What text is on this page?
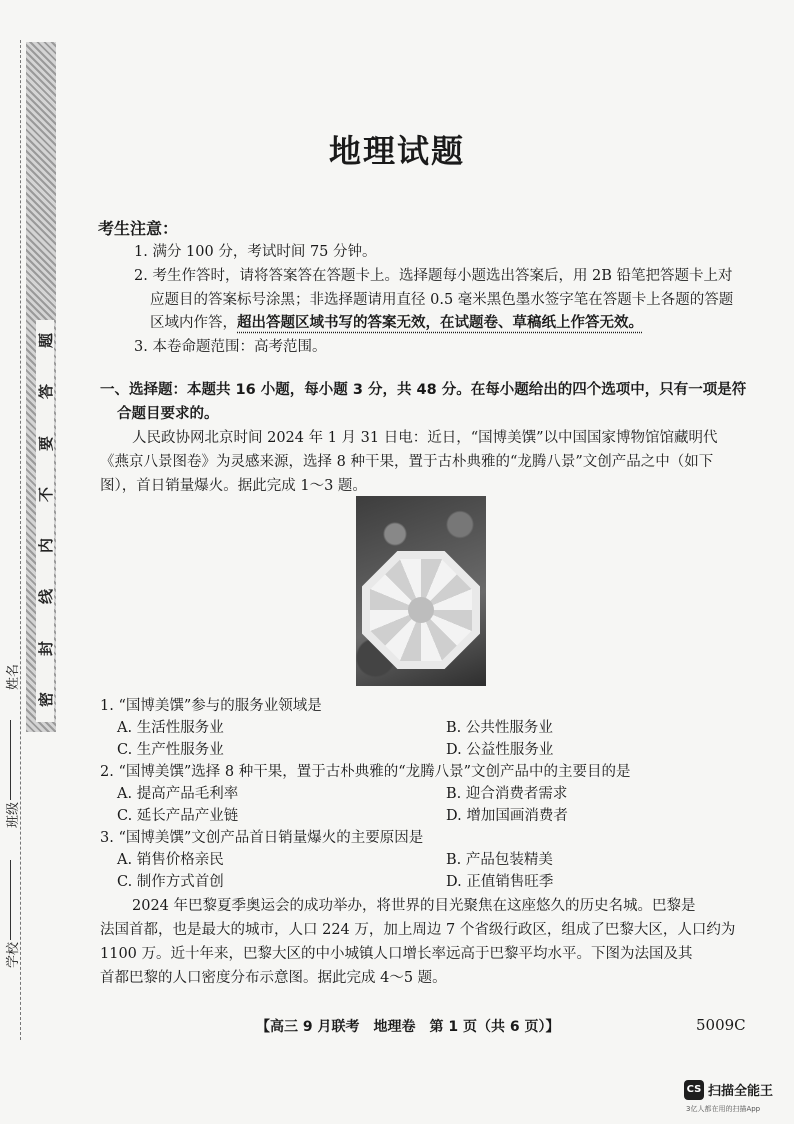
题
答
要
不
内
线
封
密
学校
班级
姓名
地理试题
考生注意：
1. 满分 100 分，考试时间 75 分钟。
2. 考生作答时，请将答案答在答题卡上。选择题每小题选出答案后，用 2B 铅笔把答题卡上对
应题目的答案标号涂黑；非选择题请用直径 0.5 毫米黑色墨水签字笔在答题卡上各题的答题
区域内作答，超出答题区域书写的答案无效，在试题卷、草稿纸上作答无效。
3. 本卷命题范围：高考范围。
一、选择题：本题共 16 小题，每小题 3 分，共 48 分。在每小题给出的四个选项中，只有一项是符
合题目要求的。
人民政协网北京时间 2024 年 1 月 31 日电：近日，“国博美馔”以中国国家博物馆馆藏明代
《燕京八景图卷》为灵感来源，选择 8 种干果，置于古朴典雅的“龙腾八景”文创产品之中（如下
图），首日销量爆火。据此完成 1～3 题。
1. “国博美馔”参与的服务业领域是
A. 生活性服务业	B. 公共性服务业
C. 生产性服务业	D. 公益性服务业
2. “国博美馔”选择 8 种干果，置于古朴典雅的“龙腾八景”文创产品中的主要目的是
A. 提高产品毛利率	B. 迎合消费者需求
C. 延长产品产业链	D. 增加国画消费者
3. “国博美馔”文创产品首日销量爆火的主要原因是
A. 销售价格亲民	B. 产品包装精美
C. 制作方式首创	D. 正值销售旺季
2024 年巴黎夏季奥运会的成功举办，将世界的目光聚焦在这座悠久的历史名城。巴黎是
法国首都，也是最大的城市，人口 224 万，加上周边 7 个省级行政区，组成了巴黎大区，人口约为
1100 万。近十年来，巴黎大区的中小城镇人口增长率远高于巴黎平均水平。下图为法国及其
首都巴黎的人口密度分布示意图。据此完成 4～5 题。
【高三 9 月联考　地理卷　第 1 页（共 6 页）】	5009C
CS 扫描全能王
3亿人都在用的扫描App
